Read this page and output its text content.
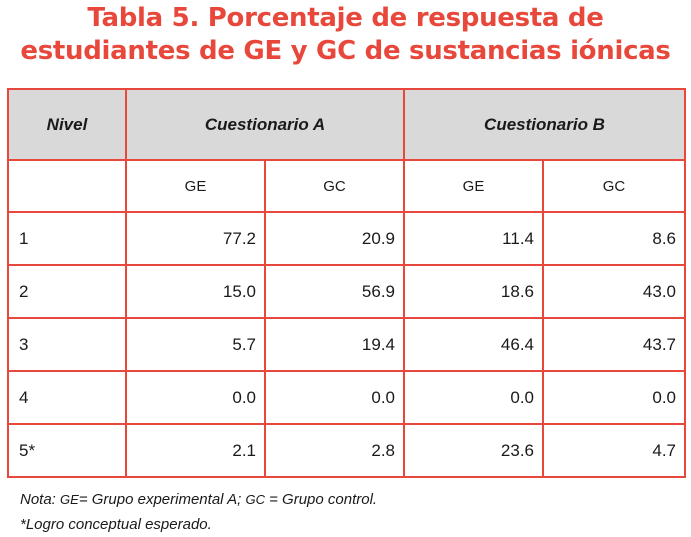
Tabla 5. Porcentaje de respuesta de
estudiantes de GE y GC de sustancias iónicas
Nivel	Cuestionario A		Cuestionario B	
	GE	GC	GE	GC
1	77.2	20.9	11.4	8.6
2	15.0	56.9	18.6	43.0
3	5.7	19.4	46.4	43.7
4	0.0	0.0	0.0	0.0
5*	2.1	2.8	23.6	4.7
Nota: GE= Grupo experimental A; GC = Grupo control.
*Logro conceptual esperado.
